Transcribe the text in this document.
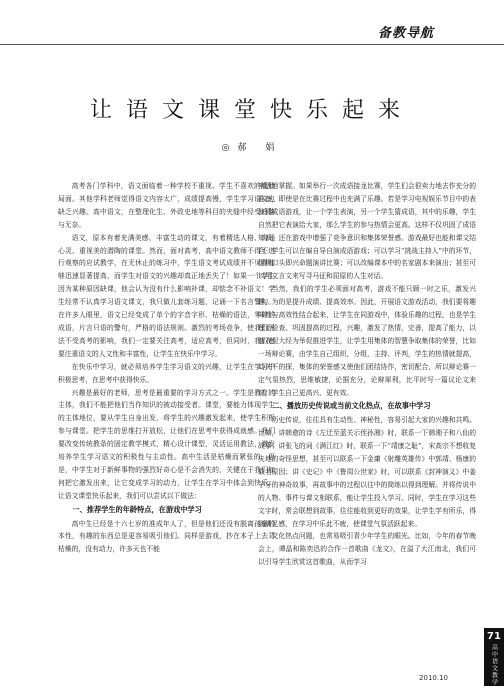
备教导航
让语文课堂快乐起来
◎郝 娟

高考各门学科中，语文面临着一种学校不重视、学生不喜欢的尴尬局面。其他学科老师觉得语文内容太广，成绩提高慢，学生学习语文也缺乏兴趣。高中语文，在整理化生、外政史地等科目的夹缝中经受冷落与无奈。

语文，原本有着充满美感、丰富生动的课文，有着精选人格、沟通心灵、重视美的潜陶的课堂。然而，面对高考，高中语文教师不得不进行观察的应试教学，在无休止的练习中，学生语文考试成绩并不见得能够迅速显著提高，而学生对语文的兴趣却真正地丢失了！如果一个学生因为某种原因缺课，他会认为没有什么影响补课，却惦念不补语文！学生经常不认真学习语文课文，我只做儿套练习题，记诵一下名言警句。在许多人眼里，语文已经变成了单个的字音字形、枯燥的语法，零碎的成语，片言只语的警句，严格的语法规则。激烈的考场竞争，使我们无法不受高考的影响，我们一定要关注高考，适应高考，但同时，我们也要注重语文的人文性和丰富性，让学生在快乐中学习。

在快乐中学习，就必须培养学生学习语文的兴趣，让学生在学习中积极思考，在思考中获得快乐。

兴趣是最好的老师，思考是最重要的学习方式之一。学生是教育的主体，我们不能把他们当作知识的被动接受者。课堂，要能力体现学生的主体地位，要从学生自身出发，将学生的兴趣激发起来，使学生积极参与课堂。把学生的思维打开放松，让他们在思考中获得成就感。我们要改变传统教条的固定教学模式，精心设计课型，灵活运用教法，激发培养学生学习语文的积极性与主动性。高中生活是枯燥而紧张的，但是，中学生对于新鲜事物的强烈好奇心是不会消失的，关键在于我们如何把它激发出来，让它变成学习的动力，让学生在学习中体会到快乐。让语文课堂快乐起来，我们可以尝试以下做法：

一、推荐学生的年龄特点，在游戏中学习

高中生已经是十六七岁的准成年人了，但是他们还没有脱离孩童的本性，有趣的东西总是更容易吸引他们。同样是游戏，抄在本子上去背枯燥的，没有动力，许多天也不能

牢固地掌握。如果举行一次成语接龙比赛，学生们会很卖力地去作充分的准备，即使是在比赛过程中也充满了乐趣。若是学习电视娱乐节目中的表演猜成语游戏，让一个学生表演，另一个学生猜成语，其中的乐趣，学生自然把它表演给大家，那么学生的参与热情会更高。这样不仅巩固了成语知识，还在游戏中增强了竞争意识和集体荣誉感。游戏最好也能和课文结合，学生可以在编自导自演成语游戏；可以学习“挑战主持人”中的环节，组织口头即兴命题演讲比赛；可以改编课本中的名家剧本来演出；甚至可以用文言文来写寻马征和屈原的人生对话。

当然，我们的学生必须面对高考，游戏不能只顾一时之乐，激发兴趣，为的是提升成绩、提高效率。因此，开展语文游戏活动，我们要将趣味性与高效性结合起来，让学生在同游戏中，体验乐趣的过程，也是学生理论检查、巩固提高的过程，兴趣，激发了热情，完善，提高了能力，以游戏促大经为举促推进学生，让学生用集体的智慧争取集体的荣誉，比如一场辩论赛，由学生自己组织，分组，主持、评判，学生的热情就提高，动关下的探，集体的荣誉感又使他们团结协作，密切配合，所以辩论赛一定气氛热烈，思维敏捷，论据充分，论辩犀利，比平时写一篇议论文来说，学生自己更高兴、更有效。

二、播放历史传说或当前文化热点，在故事中学习

历史传说，往往具有生动性、神秘性，容易引起大家的兴趣和共鸣。比如，讲韩愈的诗《左迁至蓝关示侄孙湘》时，联系一下韩湘子和八仙的故事；讲张飞的词《满江红》时，联系一下“靖康之耻”，宋高宗不想收复失地的奇怪思想，甚至可以联系一下金庸《射雕英雄传》中郭靖、杨康的取名原因；讲《史记》中《鲁周公世家》时，可以联系《封神演义》中姜子牙的神奇故事，再故事中的过程以往中的简练以得到理解。并将传说中的人物、事件与课文相联系，能让学生投入学习。同时，学生在学习这些文字时，常会联想到故事，往往能收到更好的效果，让学生学有所乐，得到满足感，在学习中乐此不疲，使课堂气氛活跃起来。

文化热点问题，也常易吸引青少年学生的眼光。比如，今年的春节晚会上，谭晶和陈奕迅的合作一首歌曲《龙文》，在溢了大江南北，我们可以引导学生欣赏这首歌曲，从而学习

71
高中语文教学
2010.10
